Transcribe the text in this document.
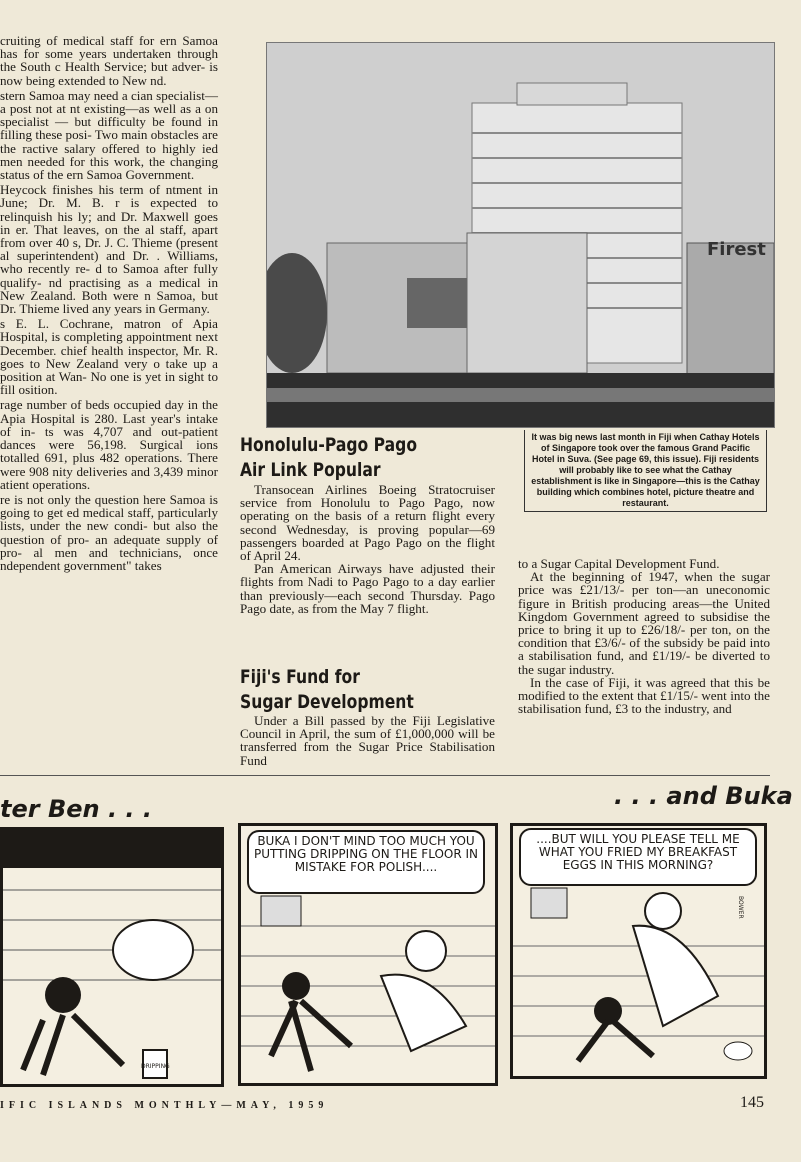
cruiting of medical staff for ern Samoa has for some years undertaken through the South c Health Service; but adver- is now being extended to New nd.

stern Samoa may need a cian specialist—a post not at nt existing—as well as a on specialist — but difficulty be found in filling these posi- Two main obstacles are the ractive salary offered to highly ied men needed for this work, the changing status of the ern Samoa Government.

Heycock finishes his term of ntment in June; Dr. M. B. r is expected to relinquish his ly; and Dr. Maxwell goes in er. That leaves, on the al staff, apart from over 40 s, Dr. J. C. Thieme (present al superintendent) and Dr. . Williams, who recently re- d to Samoa after fully qualify- nd practising as a medical in New Zealand. Both were n Samoa, but Dr. Thieme lived any years in Germany.

s E. L. Cochrane, matron of Apia Hospital, is completing appointment next December. chief health inspector, Mr. R. goes to New Zealand very o take up a position at Wan- No one is yet in sight to fill osition.

rage number of beds occupied day in the Apia Hospital is 280. Last year's intake of in- ts was 4,707 and out-patient dances were 56,198. Surgical ions totalled 691, plus 482 operations. There were 908 nity deliveries and 3,439 minor atient operations.

re is not only the question here Samoa is going to get ed medical staff, particularly lists, under the new condi- but also the question of pro- an adequate supply of pro- al men and technicians, once ndependent government" takes

Firest
It was big news last month in Fiji when Cathay Hotels of Singapore took over the famous Grand Pacific Hotel in Suva. (See page 69, this issue). Fiji residents will probably like to see what the Cathay establishment is like in Singapore—this is the Cathay building which combines hotel, picture theatre and restaurant.
Honolulu-Pago Pago
Air Link Popular

Transocean Airlines Boeing Stratocruiser service from Honolulu to Pago Pago, now operating on the basis of a return flight every second Wednesday, is proving popular—69 passengers boarded at Pago Pago on the flight of April 24.

Pan American Airways have adjusted their flights from Nadi to Pago Pago to a day earlier than previously—each second Thursday. Pago Pago date, as from the May 7 flight.

Fiji's Fund for
Sugar Development

Under a Bill passed by the Fiji Legislative Council in April, the sum of £1,000,000 will be transferred from the Sugar Price Stabilisation Fund

to a Sugar Capital Development Fund.

At the beginning of 1947, when the sugar price was £21/13/- per ton—an uneconomic figure in British producing areas—the United Kingdom Government agreed to subsidise the price to bring it up to £26/18/- per ton, on the condition that £3/6/- of the subsidy be paid into a stabilisation fund, and £1/19/- be diverted to the sugar industry.

In the case of Fiji, it was agreed that this be modified to the extent that £1/15/- went into the stabilisation fund, £3 to the industry, and

ter Ben . . .	. . . and Buka
DRIPPING
BUKA I DON'T MIND TOO MUCH YOU PUTTING DRIPPING ON THE FLOOR IN MISTAKE FOR POLISH....
....BUT WILL YOU PLEASE TELL ME WHAT YOU FRIED MY BREAKFAST EGGS IN THIS MORNING?
BOWER
IFIC ISLANDS MONTHLY—MAY, 1959	145
